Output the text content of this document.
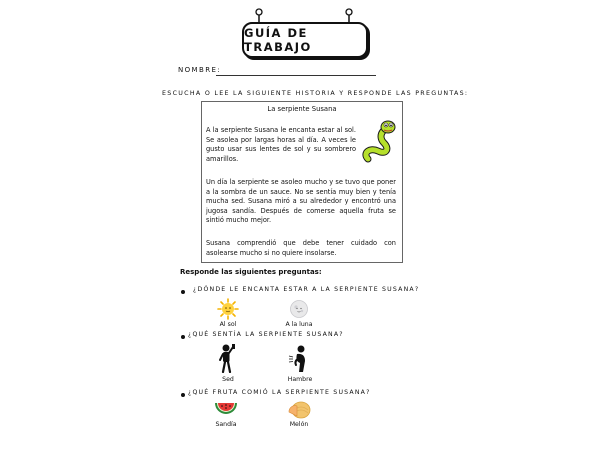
GUÍA DE TRABAJO
NOMBRE:
ESCUCHA O LEE LA SIGUIENTE HISTORIA Y RESPONDE LAS PREGUNTAS:
La serpiente Susana
A la serpiente Susana le encanta estar al sol. Se asolea por largas horas al día. A veces le gusto usar sus lentes de sol y su sombrero amarillos.
Un día la serpiente se asoleo mucho y se tuvo que poner a la sombra de un sauce. No se sentía muy bien y tenía mucha sed. Susana miró a su alrededor y encontró una jugosa sandía. Después de comerse aquella fruta se sintió mucho mejor.
Susana comprendió que debe tener cuidado con asolearse mucho si no quiere insolarse.
Responde las siguientes preguntas:
¿DÓNDE LE ENCANTA ESTAR A LA SERPIENTE SUSANA?
Al sol	A la luna
¿QUÉ SENTÍA LA SERPIENTE SUSANA?
Sed	Hambre
¿QUÉ FRUTA COMIÓ LA SERPIENTE SUSANA?
Sandía	Melón
